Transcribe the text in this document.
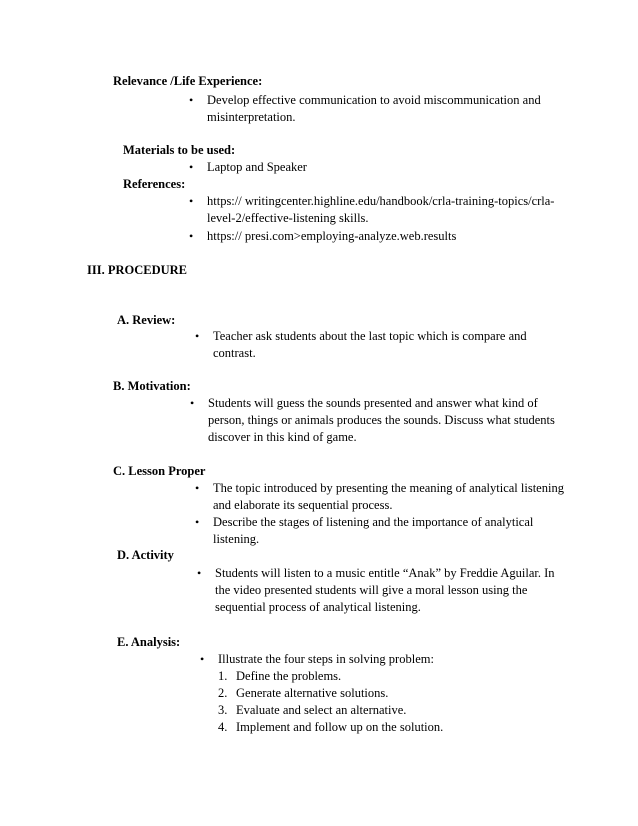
Relevance /Life Experience:
• Develop effective communication to avoid miscommunication and
misinterpretation.
Materials to be used:
• Laptop and Speaker
References:
• https:// writingcenter.highline.edu/handbook/crla-training-topics/crla-
level-2/effective-listening skills.
• https:// presi.com>employing-analyze.web.results
III. PROCEDURE
A. Review:
• Teacher ask students about the last topic which is compare and
contrast.
B. Motivation:
• Students will guess the sounds presented and answer what kind of
person, things or animals produces the sounds. Discuss what students
discover in this kind of game.
C. Lesson Proper
• The topic introduced by presenting the meaning of analytical listening
and elaborate its sequential process.
• Describe the stages of listening and the importance of analytical
listening.
D. Activity
• Students will listen to a music entitle “Anak” by Freddie Aguilar. In
the video presented students will give a moral lesson using the
sequential process of analytical listening.
E. Analysis:
• Illustrate the four steps in solving problem:
1. Define the problems.
2. Generate alternative solutions.
3. Evaluate and select an alternative.
4. Implement and follow up on the solution.
